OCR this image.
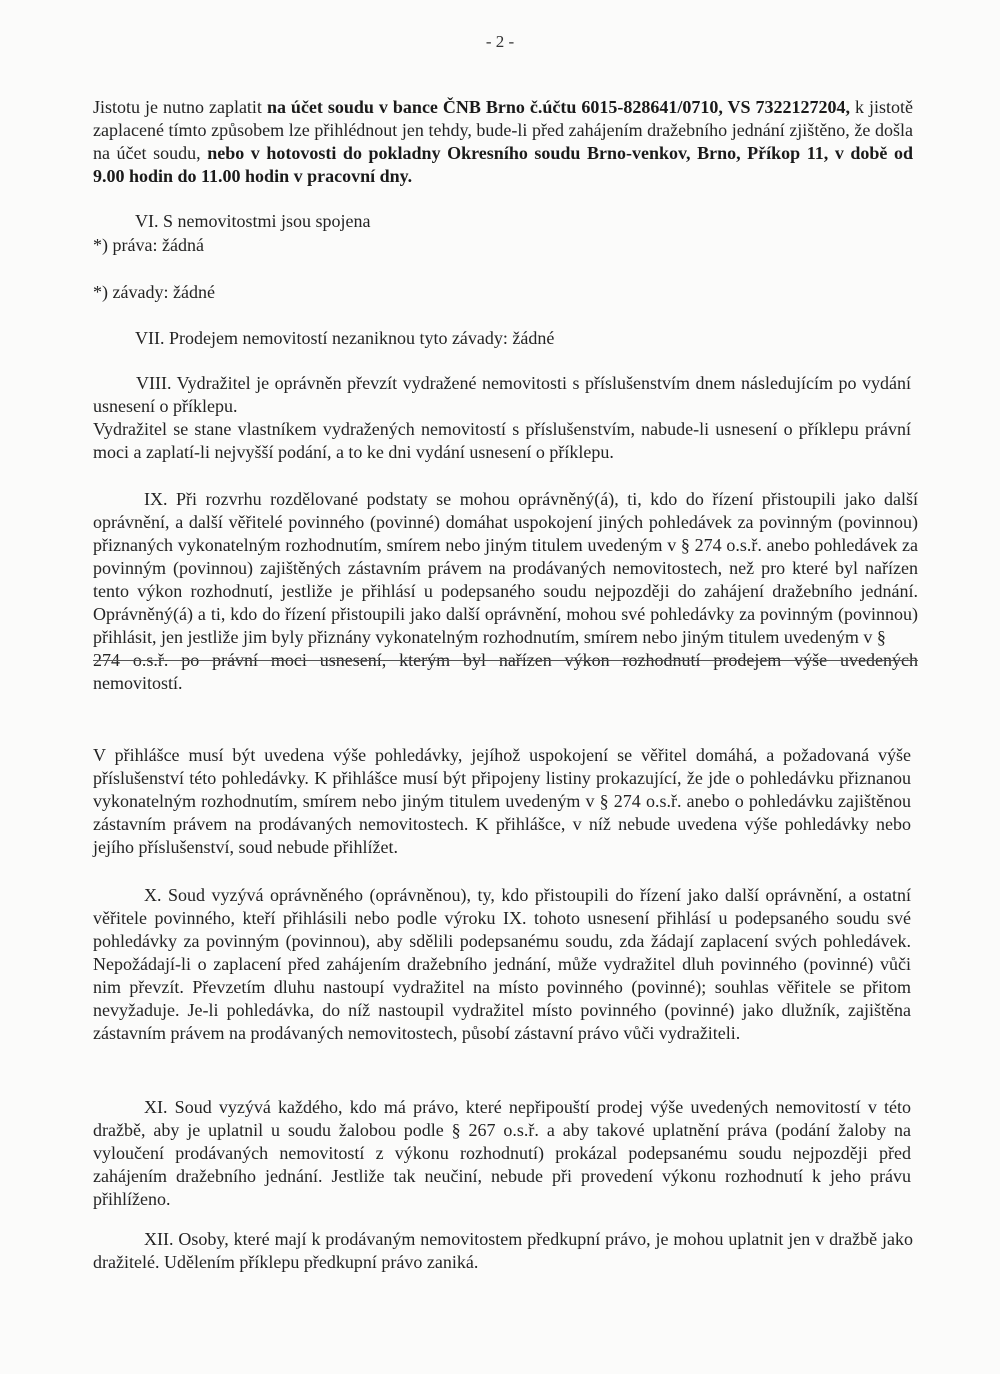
- 2 -
Jistotu je nutno zaplatit na účet soudu v bance ČNB Brno č.účtu 6015-828641/0710, VS 7322127204, k jistotě zaplacené tímto způsobem lze přihlédnout jen tehdy, bude-li před zahájením dražebního jednání zjištěno, že došla na účet soudu, nebo v hotovosti do pokladny Okresního soudu Brno-venkov, Brno, Příkop 11, v době od 9.00 hodin do 11.00 hodin v pracovní dny.
VI. S nemovitostmi jsou spojena
*) práva: žádná
*) závady: žádné
VII. Prodejem nemovitostí nezaniknou tyto závady: žádné
VIII. Vydražitel je oprávněn převzít vydražené nemovitosti s příslušenstvím dnem následujícím po vydání usnesení o příklepu.
Vydražitel se stane vlastníkem vydražených nemovitostí s příslušenstvím, nabude-li usnesení o příklepu právní moci a zaplatí-li nejvyšší podání, a to ke dni vydání usnesení o příklepu.
IX. Při rozvrhu rozdělované podstaty se mohou oprávněný(á), ti, kdo do řízení přistoupili jako další oprávnění, a další věřitelé povinného (povinné) domáhat uspokojení jiných pohledávek za povinným (povinnou) přiznaných vykonatelným rozhodnutím, smírem nebo jiným titulem uvedeným v § 274 o.s.ř. anebo pohledávek za povinným (povinnou) zajištěných zástavním právem na prodávaných nemovitostech, než pro které byl nařízen tento výkon rozhodnutí, jestliže je přihlásí u podepsaného soudu nejpozději do zahájení dražebního jednání. Oprávněný(á) a ti, kdo do řízení přistoupili jako další oprávnění, mohou své pohledávky za povinným (povinnou) přihlásit, jen jestliže jim byly přiznány vykonatelným rozhodnutím, smírem nebo jiným titulem uvedeným v §
274 o.s.ř. po právní moci usnesení, kterým byl nařízen výkon rozhodnutí prodejem výše uvedených
nemovitostí.
V přihlášce musí být uvedena výše pohledávky, jejíhož uspokojení se věřitel domáhá, a požadovaná výše příslušenství této pohledávky. K přihlášce musí být připojeny listiny prokazující, že jde o pohledávku přiznanou vykonatelným rozhodnutím, smírem nebo jiným titulem uvedeným v § 274 o.s.ř. anebo o pohledávku zajištěnou zástavním právem na prodávaných nemovitostech. K přihlášce, v níž nebude uvedena výše pohledávky nebo jejího příslušenství, soud nebude přihlížet.
X. Soud vyzývá oprávněného (oprávněnou), ty, kdo přistoupili do řízení jako další oprávnění, a ostatní věřitele povinného, kteří přihlásili nebo podle výroku IX. tohoto usnesení přihlásí u podepsaného soudu své pohledávky za povinným (povinnou), aby sdělili podepsanému soudu, zda žádají zaplacení svých pohledávek. Nepožádají-li o zaplacení před zahájením dražebního jednání, může vydražitel dluh povinného (povinné) vůči nim převzít. Převzetím dluhu nastoupí vydražitel na místo povinného (povinné); souhlas věřitele se přitom nevyžaduje. Je-li pohledávka, do níž nastoupil vydražitel místo povinného (povinné) jako dlužník, zajištěna zástavním právem na prodávaných nemovitostech, působí zástavní právo vůči vydražiteli.
XI. Soud vyzývá každého, kdo má právo, které nepřipouští prodej výše uvedených nemovitostí v této dražbě, aby je uplatnil u soudu žalobou podle § 267 o.s.ř. a aby takové uplatnění práva (podání žaloby na vyloučení prodávaných nemovitostí z výkonu rozhodnutí) prokázal podepsanému soudu nejpozději před zahájením dražebního jednání. Jestliže tak neučiní, nebude při provedení výkonu rozhodnutí k jeho právu přihlíženo.
XII. Osoby, které mají k prodávaným nemovitostem předkupní právo, je mohou uplatnit jen v dražbě jako dražitelé. Udělením příklepu předkupní právo zaniká.
